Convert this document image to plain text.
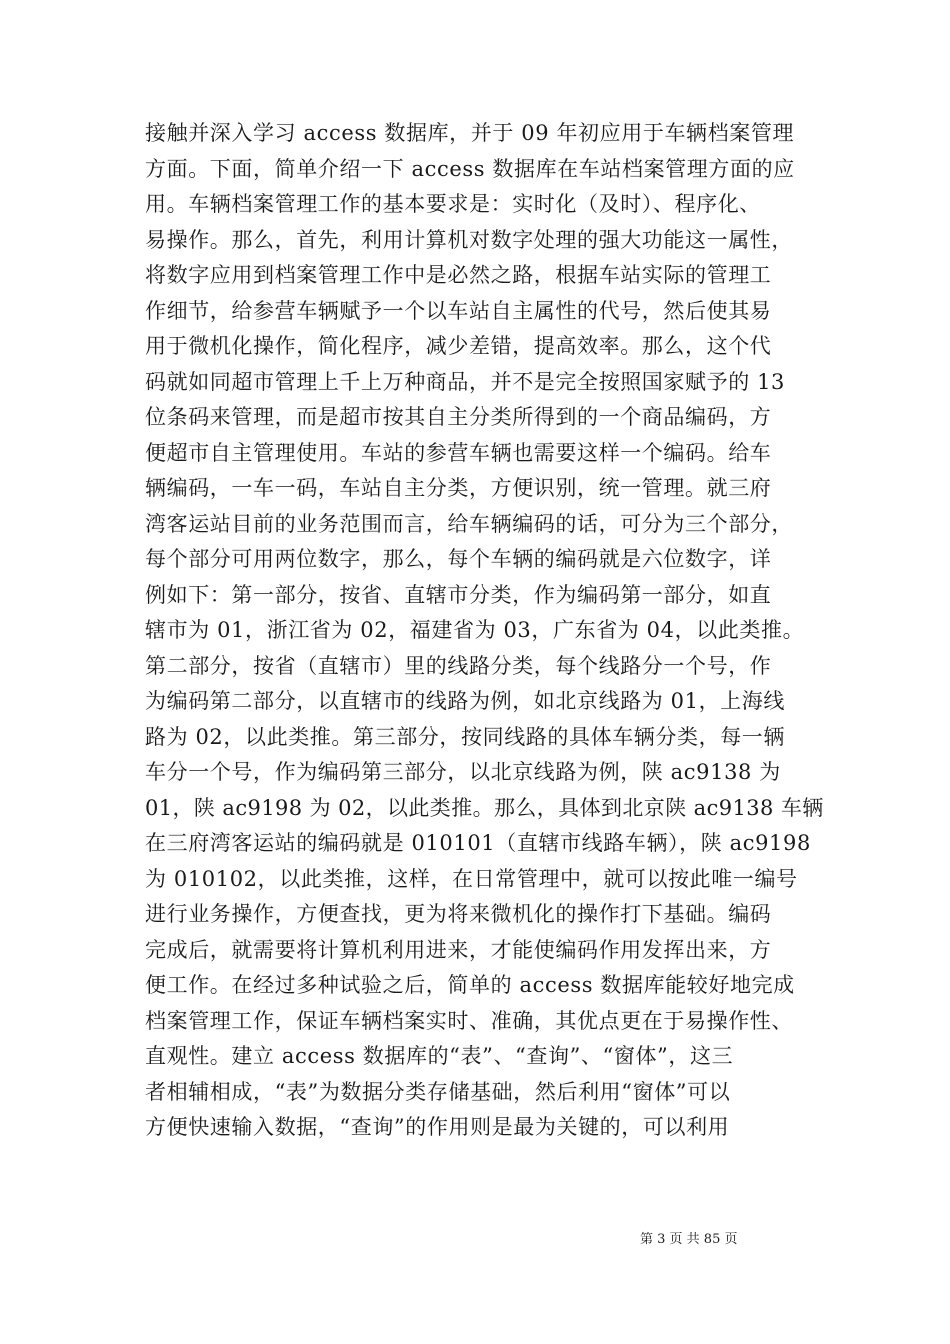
接触并深入学习 access 数据库，并于 09 年初应用于车辆档案管理
方面。下面，简单介绍一下 access 数据库在车站档案管理方面的应
用。车辆档案管理工作的基本要求是：实时化（及时）、程序化、
易操作。那么，首先，利用计算机对数字处理的强大功能这一属性，
将数字应用到档案管理工作中是必然之路，根据车站实际的管理工
作细节，给参营车辆赋予一个以车站自主属性的代号，然后使其易
用于微机化操作，简化程序，减少差错，提高效率。那么，这个代
码就如同超市管理上千上万种商品，并不是完全按照国家赋予的 13
位条码来管理，而是超市按其自主分类所得到的一个商品编码，方
便超市自主管理使用。车站的参营车辆也需要这样一个编码。给车
辆编码，一车一码，车站自主分类，方便识别，统一管理。就三府
湾客运站目前的业务范围而言，给车辆编码的话，可分为三个部分，
每个部分可用两位数字，那么，每个车辆的编码就是六位数字，详
例如下：第一部分，按省、直辖市分类，作为编码第一部分，如直
辖市为 01，浙江省为 02，福建省为 03，广东省为 04，以此类推。
第二部分，按省（直辖市）里的线路分类，每个线路分一个号，作
为编码第二部分，以直辖市的线路为例，如北京线路为 01，上海线
路为 02，以此类推。第三部分，按同线路的具体车辆分类，每一辆
车分一个号，作为编码第三部分，以北京线路为例，陕 ac9138 为
01，陕 ac9198 为 02，以此类推。那么，具体到北京陕 ac9138 车辆
在三府湾客运站的编码就是 010101（直辖市线路车辆），陕 ac9198
为 010102，以此类推，这样，在日常管理中，就可以按此唯一编号
进行业务操作，方便查找，更为将来微机化的操作打下基础。编码
完成后，就需要将计算机利用进来，才能使编码作用发挥出来，方
便工作。在经过多种试验之后，简单的 access 数据库能较好地完成
档案管理工作，保证车辆档案实时、准确，其优点更在于易操作性、
直观性。建立 access 数据库的“表”、“查询”、“窗体”，这三
者相辅相成，“表”为数据分类存储基础，然后利用“窗体”可以
方便快速输入数据，“查询”的作用则是最为关键的，可以利用
第 3 页 共 85 页
